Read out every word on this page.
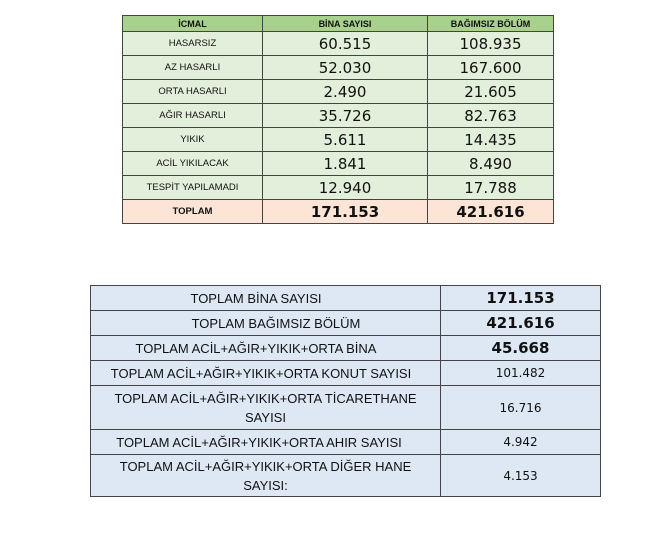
İCMAL	BİNA SAYISI	BAĞIMSIZ BÖLÜM
HASARSIZ	60.515	108.935
AZ HASARLI	52.030	167.600
ORTA HASARLI	2.490	21.605
AĞIR HASARLI	35.726	82.763
YIKIK	5.611	14.435
ACİL YIKILACAK	1.841	8.490
TESPİT YAPILAMADI	12.940	17.788
TOPLAM	171.153	421.616
TOPLAM BİNA SAYISI	171.153

TOPLAM BAĞIMSIZ BÖLÜM	421.616

TOPLAM ACİL+AĞIR+YIKIK+ORTA BİNA	45.668

TOPLAM ACİL+AĞIR+YIKIK+ORTA KONUT SAYISI	101.482

TOPLAM ACİL+AĞIR+YIKIK+ORTA TİCARETHANE SAYISI	16.716

TOPLAM ACİL+AĞIR+YIKIK+ORTA AHIR SAYISI	4.942

TOPLAM ACİL+AĞIR+YIKIK+ORTA DİĞER HANE SAYISI:	4.153
